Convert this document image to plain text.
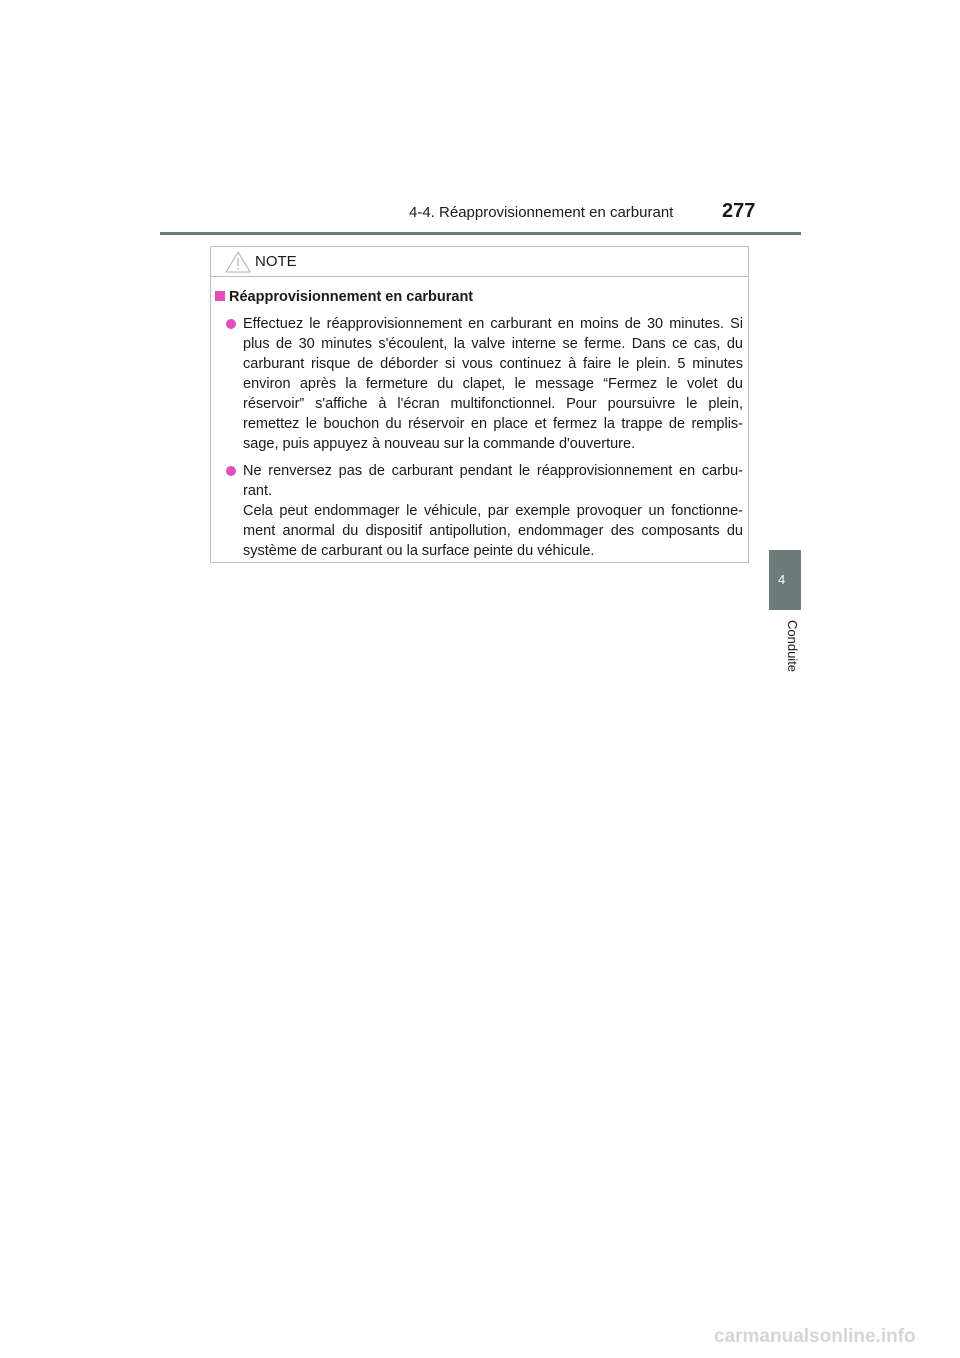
4-4. Réapprovisionnement en carburant 277
4
Conduite
NOTE
Réapprovisionnement en carburant

Effectuez le réapprovisionnement en carburant en moins de 30 minutes. Si plus de 30 minutes s'écoulent, la valve interne se ferme. Dans ce cas, du carburant risque de déborder si vous continuez à faire le plein. 5 minutes environ après la fermeture du clapet, le message “Fermez le volet du réservoir” s'affiche à l'écran multifonctionnel. Pour poursuivre le plein, remettez le bouchon du réservoir en place et fermez la trappe de remplis-sage, puis appuyez à nouveau sur la commande d'ouverture.

Ne renversez pas de carburant pendant le réapprovisionnement en carbu-rant.

Cela peut endommager le véhicule, par exemple provoquer un fonctionne-ment anormal du dispositif antipollution, endommager des composants du système de carburant ou la surface peinte du véhicule.

carmanualsonline.info
